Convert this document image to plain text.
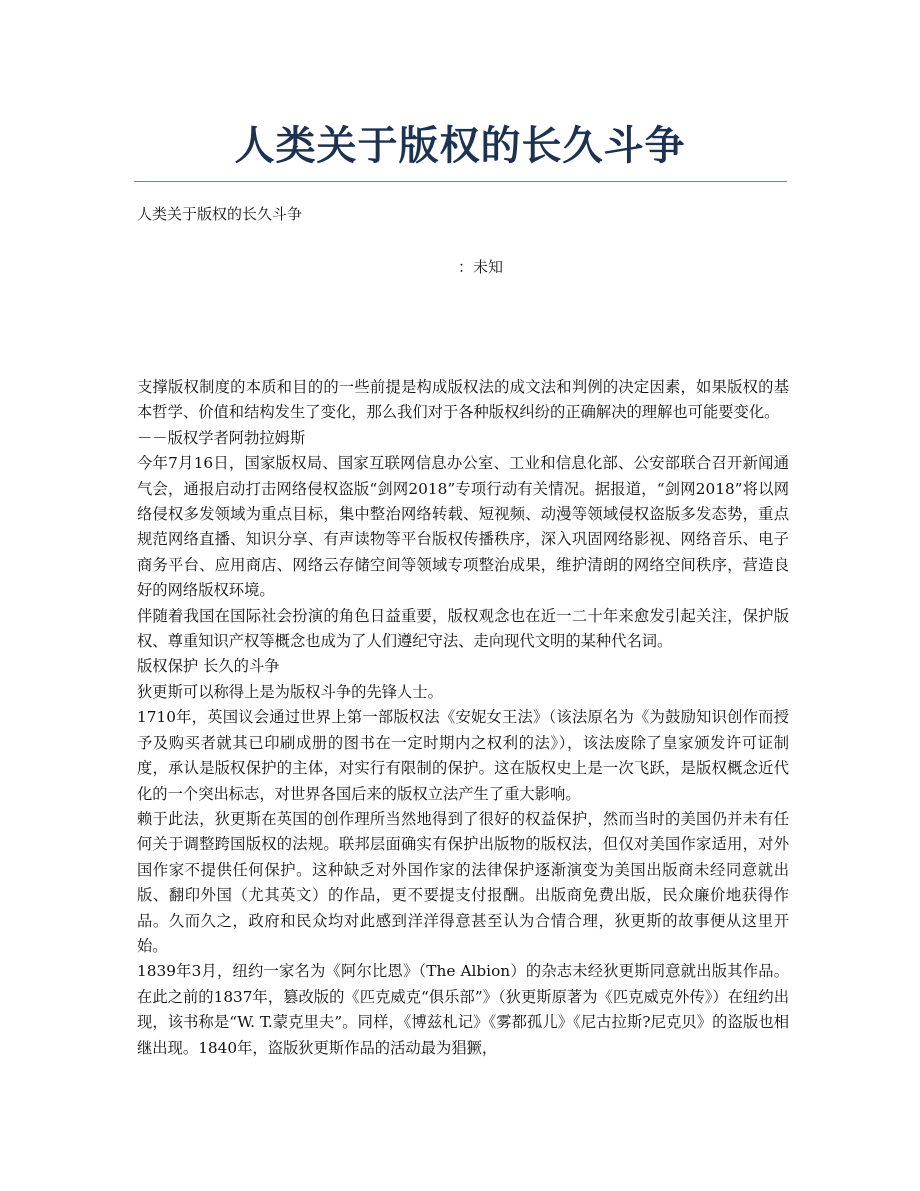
人类关于版权的长久斗争

人类关于版权的长久斗争

：未知

支撑版权制度的本质和目的的一些前提是构成版权法的成文法和判例的决定因素，如果版权的基本哲学、价值和结构发生了变化，那么我们对于各种版权纠纷的正确解决的理解也可能要变化。

－－版权学者阿勃拉姆斯

今年7月16日，国家版权局、国家互联网信息办公室、工业和信息化部、公安部联合召开新闻通气会，通报启动打击网络侵权盗版“剑网2018”专项行动有关情况。据报道，“剑网2018”将以网络侵权多发领域为重点目标，集中整治网络转载、短视频、动漫等领域侵权盗版多发态势，重点规范网络直播、知识分享、有声读物等平台版权传播秩序，深入巩固网络影视、网络音乐、电子商务平台、应用商店、网络云存储空间等领域专项整治成果，维护清朗的网络空间秩序，营造良好的网络版权环境。

伴随着我国在国际社会扮演的角色日益重要，版权观念也在近一二十年来愈发引起关注，保护版权、尊重知识产权等概念也成为了人们遵纪守法、走向现代文明的某种代名词。

版权保护 长久的斗争

狄更斯可以称得上是为版权斗争的先锋人士。

1710年，英国议会通过世界上第一部版权法《安妮女王法》（该法原名为《为鼓励知识创作而授予及购买者就其已印刷成册的图书在一定时期内之权利的法》），该法废除了皇家颁发许可证制度，承认是版权保护的主体，对实行有限制的保护。这在版权史上是一次飞跃，是版权概念近代化的一个突出标志，对世界各国后来的版权立法产生了重大影响。

赖于此法，狄更斯在英国的创作理所当然地得到了很好的权益保护，然而当时的美国仍并未有任何关于调整跨国版权的法规。联邦层面确实有保护出版物的版权法，但仅对美国作家适用，对外国作家不提供任何保护。这种缺乏对外国作家的法律保护逐渐演变为美国出版商未经同意就出版、翻印外国（尤其英文）的作品，更不要提支付报酬。出版商免费出版，民众廉价地获得作品。久而久之，政府和民众均对此感到洋洋得意甚至认为合情合理，狄更斯的故事便从这里开始。

1839年3月，纽约一家名为《阿尔比恩》（The Albion）的杂志未经狄更斯同意就出版其作品。在此之前的1837年，篡改版的《匹克威克“俱乐部”》（狄更斯原著为《匹克威克外传》）在纽约出现，该书称是“W. T.蒙克里夫”。同样，《博兹札记》《雾都孤儿》《尼古拉斯?尼克贝》的盗版也相继出现。1840年，盗版狄更斯作品的活动最为猖獗，
